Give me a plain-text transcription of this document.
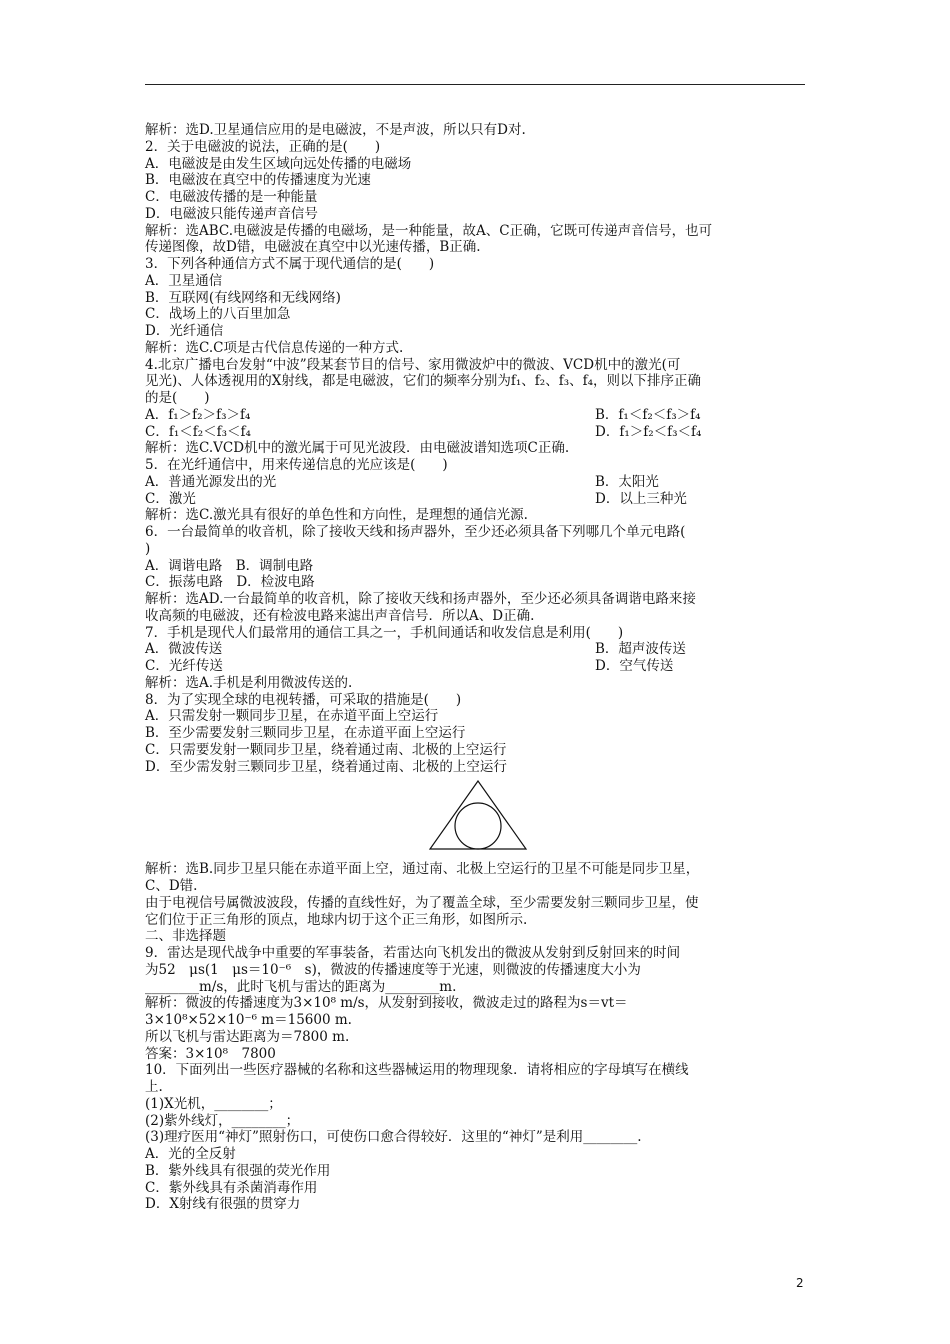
解析：选D.卫星通信应用的是电磁波，不是声波，所以只有D对.
2．关于电磁波的说法，正确的是(　　)
A．电磁波是由发生区域向远处传播的电磁场
B．电磁波在真空中的传播速度为光速
C．电磁波传播的是一种能量
D．电磁波只能传递声音信号
解析：选ABC.电磁波是传播的电磁场，是一种能量，故A、C正确，它既可传递声音信号，也可
传递图像，故D错，电磁波在真空中以光速传播，B正确.
3．下列各种通信方式不属于现代通信的是(　　)
A．卫星通信
B．互联网(有线网络和无线网络)
C．战场上的八百里加急
D．光纤通信
解析：选C.C项是古代信息传递的一种方式.
4.北京广播电台发射“中波”段某套节目的信号、家用微波炉中的微波、VCD机中的激光(可
见光)、人体透视用的X射线，都是电磁波，它们的频率分别为f₁、f₂、f₃、f₄，则以下排序正确
的是(　　)
A．f₁＞f₂＞f₃＞f₄	B．f₁＜f₂＜f₃＞f₄
C．f₁＜f₂＜f₃＜f₄	D．f₁＞f₂＜f₃＜f₄
解析：选C.VCD机中的激光属于可见光波段．由电磁波谱知选项C正确.
5．在光纤通信中，用来传递信息的光应该是(　　)
A．普通光源发出的光	B．太阳光
C．激光	D．以上三种光
解析：选C.激光具有很好的单色性和方向性，是理想的通信光源.
6．一台最简单的收音机，除了接收天线和扬声器外，至少还必须具备下列哪几个单元电路(
)
A．调谐电路　B．调制电路
C．振荡电路　D．检波电路
解析：选AD.一台最简单的收音机，除了接收天线和扬声器外，至少还必须具备调谐电路来接
收高频的电磁波，还有检波电路来滤出声音信号．所以A、D正确.
7．手机是现代人们最常用的通信工具之一，手机间通话和收发信息是利用(　　)
A．微波传送	B．超声波传送
C．光纤传送	D．空气传送
解析：选A.手机是利用微波传送的.
8．为了实现全球的电视转播，可采取的措施是(　　)
A．只需发射一颗同步卫星，在赤道平面上空运行
B．至少需要发射三颗同步卫星，在赤道平面上空运行
C．只需要发射一颗同步卫星，绕着通过南、北极的上空运行
D．至少需发射三颗同步卫星，绕着通过南、北极的上空运行
解析：选B.同步卫星只能在赤道平面上空，通过南、北极上空运行的卫星不可能是同步卫星，
C、D错.
由于电视信号属微波波段，传播的直线性好，为了覆盖全球，至少需要发射三颗同步卫星，使
它们位于正三角形的顶点，地球内切于这个正三角形，如图所示.
二、非选择题
9．雷达是现代战争中重要的军事装备，若雷达向飞机发出的微波从发射到反射回来的时间
为52　μs(1　μs＝10⁻⁶　s)，微波的传播速度等于光速，则微波的传播速度大小为
________m/s，此时飞机与雷达的距离为________m.
解析：微波的传播速度为3×10⁸ m/s，从发射到接收，微波走过的路程为s＝vt＝
3×10⁸×52×10⁻⁶ m＝15600 m.
所以飞机与雷达距离为＝7800 m.
答案：3×10⁸　7800
10．下面列出一些医疗器械的名称和这些器械运用的物理现象．请将相应的字母填写在横线
上.
(1)X光机，________；
(2)紫外线灯，________；
(3)理疗医用“神灯”照射伤口，可使伤口愈合得较好．这里的“神灯”是利用________.
A．光的全反射
B．紫外线具有很强的荧光作用
C．紫外线具有杀菌消毒作用
D．X射线有很强的贯穿力
2
